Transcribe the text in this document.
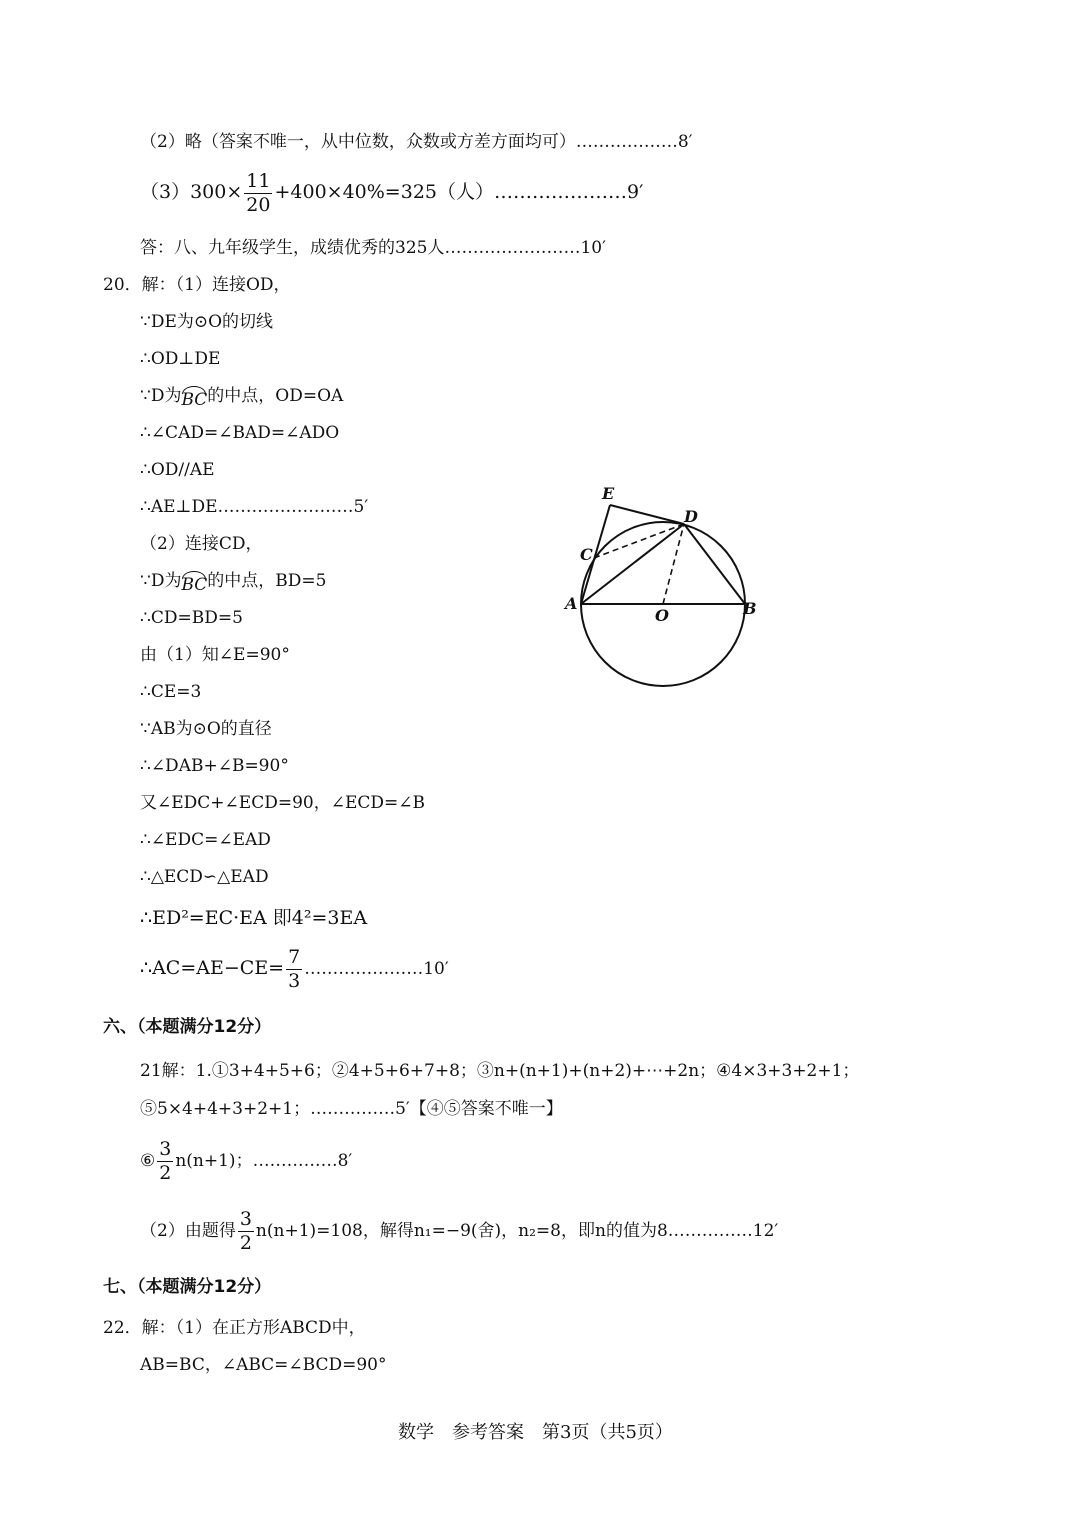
（2）略（答案不唯一，从中位数，众数或方差方面均可）………………8′
$(3)300\times \frac{11}{20} +400\times 40\%=325$（人）…………………9′
答：八、九年级学生，成绩优秀的325人……………………10′
20．解：（1）连接OD，
∵DE为⊙O的切线
∴OD⊥DE
∵D为BC的中点，OD=OA
∴∠CAD=∠BAD=∠ADO
∴OD//AE
∴AE⊥DE……………………5′
（2）连接CD，
∵D为BC的中点，BD=5
∴CD=BD=5
由（1）知∠E=90°
∴CE=3
∵AB为⊙O的直径
∴∠DAB+∠B=90°
又∠EDC+∠ECD=90，∠ECD=∠B
∴∠EDC=∠EAD
∴△ECD∽△EAD
∴ED²=EC·EA 即4²=3EA
∴AC=AE−CE= $\frac{7}{3}$ …………………10′
E
D
C
A
O	B
六、（本题满分12分）
21解：1.①3+4+5+6；②4+5+6+7+8；③n+(n+1)+(n+2)+⋯+2n；④4×3+3+2+1；
⑤5×4+4+3+2+1；……………5′【④⑤答案不唯一】
⑥ $\frac{3}{2} n(n+1)$；……………8′
（2）由题得 $\frac{3}{2} n(n+1)=108$，解得n₁=−9(舍)，n₂=8，即n的值为8……………12′
七、（本题满分12分）
22．解：（1）在正方形ABCD中，
AB=BC，∠ABC=∠BCD=90°
数学　参考答案　第3页（共5页）
